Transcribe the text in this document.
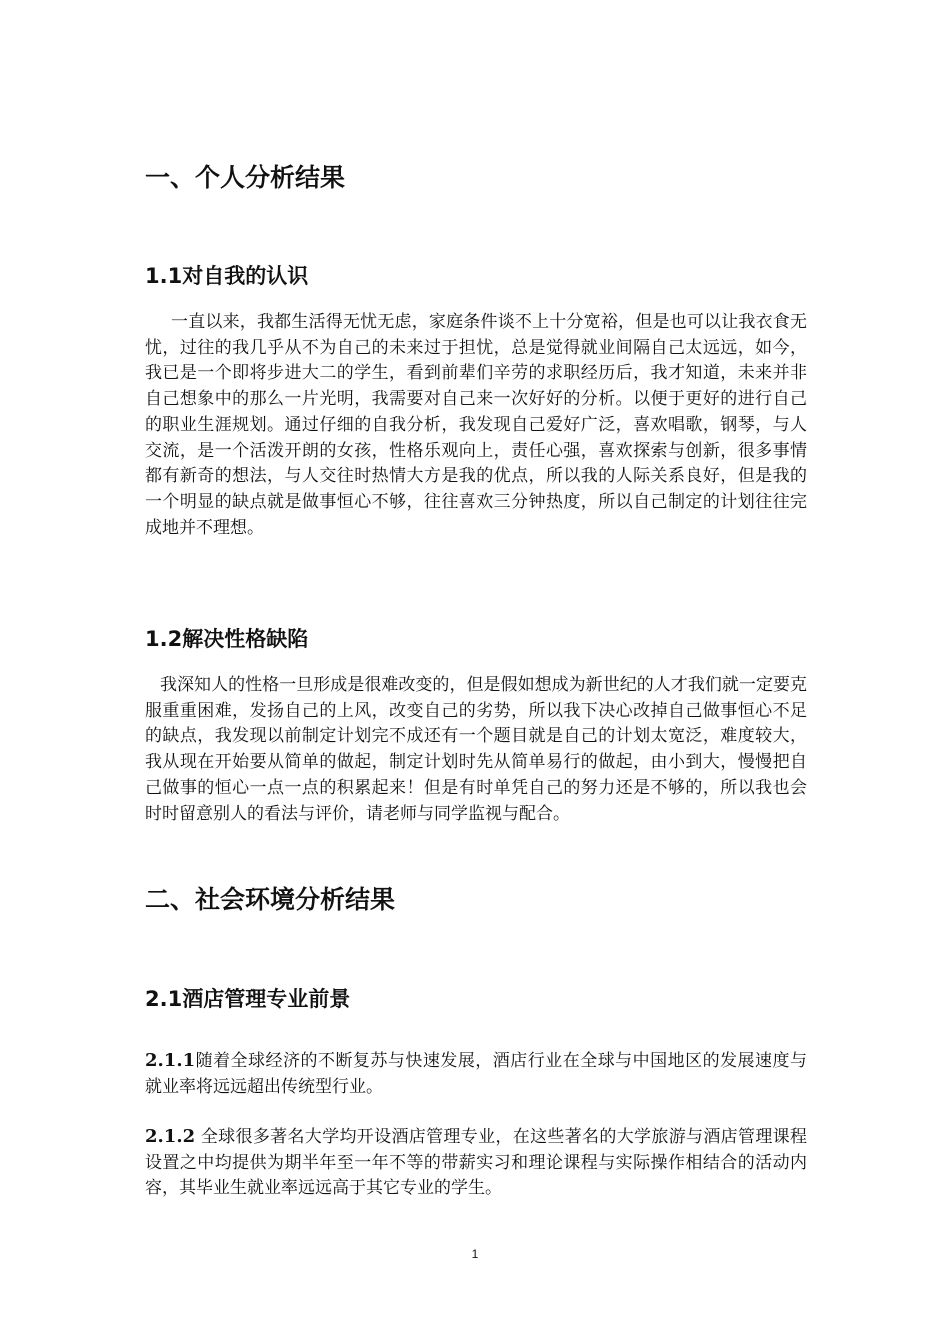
一、个人分析结果
1.1对自我的认识

一直以来，我都生活得无忧无虑，家庭条件谈不上十分宽裕，但是也可以让我衣食无忧，过往的我几乎从不为自己的未来过于担忧，总是觉得就业间隔自己太远远，如今，我已是一个即将步进大二的学生，看到前辈们辛劳的求职经历后，我才知道，未来并非自己想象中的那么一片光明，我需要对自己来一次好好的分析。以便于更好的进行自己的职业生涯规划。通过仔细的自我分析，我发现自己爱好广泛，喜欢唱歌，钢琴，与人交流，是一个活泼开朗的女孩，性格乐观向上，责任心强，喜欢探索与创新，很多事情都有新奇的想法，与人交往时热情大方是我的优点，所以我的人际关系良好，但是我的一个明显的缺点就是做事恒心不够，往往喜欢三分钟热度，所以自己制定的计划往往完成地并不理想。

1.2解决性格缺陷

我深知人的性格一旦形成是很难改变的，但是假如想成为新世纪的人才我们就一定要克服重重困难，发扬自己的上风，改变自己的劣势，所以我下决心改掉自己做事恒心不足的缺点，我发现以前制定计划完不成还有一个题目就是自己的计划太宽泛，难度较大，我从现在开始要从简单的做起，制定计划时先从简单易行的做起，由小到大，慢慢把自己做事的恒心一点一点的积累起来！但是有时单凭自己的努力还是不够的，所以我也会时时留意别人的看法与评价，请老师与同学监视与配合。

二、社会环境分析结果
2.1酒店管理专业前景

2.1.1随着全球经济的不断复苏与快速发展，酒店行业在全球与中国地区的发展速度与就业率将远远超出传统型行业。

2.1.2 全球很多著名大学均开设酒店管理专业，在这些著名的大学旅游与酒店管理课程设置之中均提供为期半年至一年不等的带薪实习和理论课程与实际操作相结合的活动内容，其毕业生就业率远远高于其它专业的学生。

1
